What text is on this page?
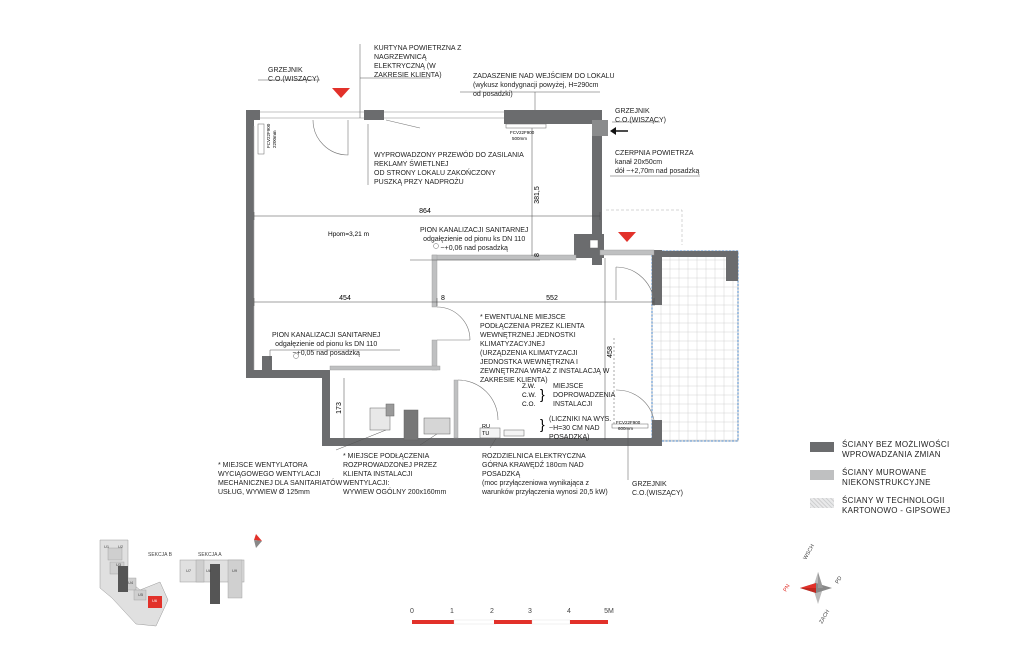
864
454	8	552
381,5
8
458
173
Hpom=3,21 m
FCV22F900 2200mm	FCV22F900
500mm
FCV22F900
600mm
Z.W.
C.W.
C.O.
}
}
RU
TU
SEKCJA B	SEKCJA A
U1 U2
U3
U4
U5
U6
U7	U8	U9
PN
WSCH
PD
ZACH
0	1	2	3	4	5M
GRZEJNIK
C.O.(WISZĄCY)
KURTYNA POWIETRZNA Z
NAGRZEWNICĄ
ELEKTRYCZNĄ (W
ZAKRESIE KLIENTA)	ZADASZENIE NAD WEJŚCIEM DO LOKALU
(wykusz kondygnacji powyżej, H=290cm
od posadzki)
GRZEJNIK
C.O.(WISZĄCY)
WYPROWADZONY PRZEWÓD DO ZASILANIA
REKLAMY ŚWIETLNEJ
OD STRONY LOKALU ZAKOŃCZONY
PUSZKĄ PRZY NADPROŻU
CZERPNIA POWIETRZA
kanał 20x50cm
dół ~+2,70m nad posadzką
PION KANALIZACJI SANITARNEJ
odgałęzienie od pionu ks DN 110
~+0,06 nad posadzką
* EWENTUALNE MIEJSCE
PODŁĄCZENIA PRZEZ KLIENTA
WEWNĘTRZNEJ JEDNOSTKI
KLIMATYZACYJNEJ
(URZĄDZENIA KLIMATYZACJI
JEDNOSTKA WEWNĘTRZNA I
ZEWNĘTRZNA WRAZ Z INSTALACJĄ W
ZAKRESIE KLIENTA)
PION KANALIZACJI SANITARNEJ
odgałęzienie od pionu ks DN 110
~+0,05 nad posadzką
MIEJSCE
DOPROWADZENIA
INSTALACJI
(LICZNIKI NA WYS.
~H=30 CM NAD
POSADZKĄ)
* MIEJSCE WENTYLATORA
WYCIĄGOWEGO WENTYLACJI
MECHANICZNEJ DLA SANITARIATÓW
USŁUG, WYWIEW Ø 125mm
* MIEJSCE PODŁĄCZENIA
ROZPROWADZONEJ PRZEZ
KLIENTA INSTALACJI
WENTYLACJI:
WYWIEW OGÓLNY 200x160mm
ROZDZIELNICA ELEKTRYCZNA
GÓRNA KRAWĘDŹ 180cm NAD
POSADZKĄ
(moc przyłączeniowa wynikająca z
warunków przyłączenia wynosi 20,5 kW)
GRZEJNIK
C.O.(WISZĄCY)
ŚCIANY BEZ MOŻLIWOŚCI
WPROWADZANIA ZMIAN
ŚCIANY MUROWANE
NIEKONSTRUKCYJNE
ŚCIANY W TECHNOLOGII
KARTONOWO - GIPSOWEJ
